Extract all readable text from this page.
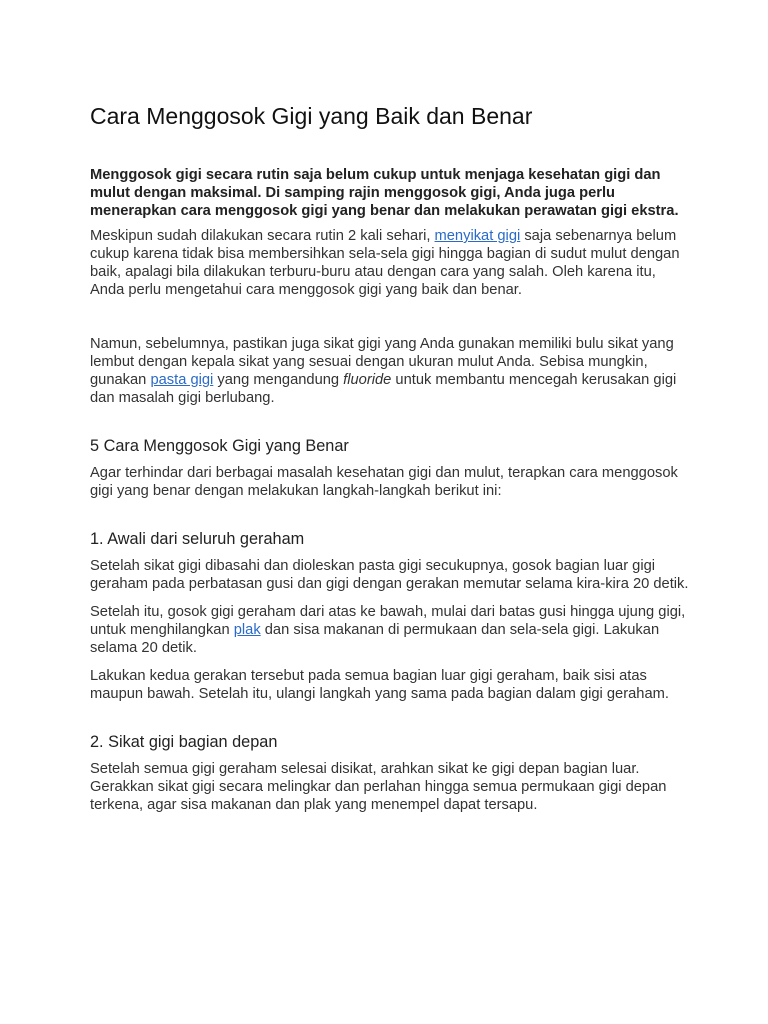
Cara Menggosok Gigi yang Baik dan Benar

Menggosok gigi secara rutin saja belum cukup untuk menjaga kesehatan gigi dan mulut dengan maksimal. Di samping rajin menggosok gigi, Anda juga perlu menerapkan cara menggosok gigi yang benar dan melakukan perawatan gigi ekstra.

Meskipun sudah dilakukan secara rutin 2 kali sehari, menyikat gigi saja sebenarnya belum cukup karena tidak bisa membersihkan sela-sela gigi hingga bagian di sudut mulut dengan baik, apalagi bila dilakukan terburu-buru atau dengan cara yang salah. Oleh karena itu, Anda perlu mengetahui cara menggosok gigi yang baik dan benar.

Namun, sebelumnya, pastikan juga sikat gigi yang Anda gunakan memiliki bulu sikat yang lembut dengan kepala sikat yang sesuai dengan ukuran mulut Anda. Sebisa mungkin, gunakan pasta gigi yang mengandung fluoride untuk membantu mencegah kerusakan gigi dan masalah gigi berlubang.

5 Cara Menggosok Gigi yang Benar

Agar terhindar dari berbagai masalah kesehatan gigi dan mulut, terapkan cara menggosok gigi yang benar dengan melakukan langkah-langkah berikut ini:

1. Awali dari seluruh geraham

Setelah sikat gigi dibasahi dan dioleskan pasta gigi secukupnya, gosok bagian luar gigi geraham pada perbatasan gusi dan gigi dengan gerakan memutar selama kira-kira 20 detik.

Setelah itu, gosok gigi geraham dari atas ke bawah, mulai dari batas gusi hingga ujung gigi, untuk menghilangkan plak dan sisa makanan di permukaan dan sela-sela gigi. Lakukan selama 20 detik.

Lakukan kedua gerakan tersebut pada semua bagian luar gigi geraham, baik sisi atas maupun bawah. Setelah itu, ulangi langkah yang sama pada bagian dalam gigi geraham.

2. Sikat gigi bagian depan

Setelah semua gigi geraham selesai disikat, arahkan sikat ke gigi depan bagian luar. Gerakkan sikat gigi secara melingkar dan perlahan hingga semua permukaan gigi depan terkena, agar sisa makanan dan plak yang menempel dapat tersapu.
